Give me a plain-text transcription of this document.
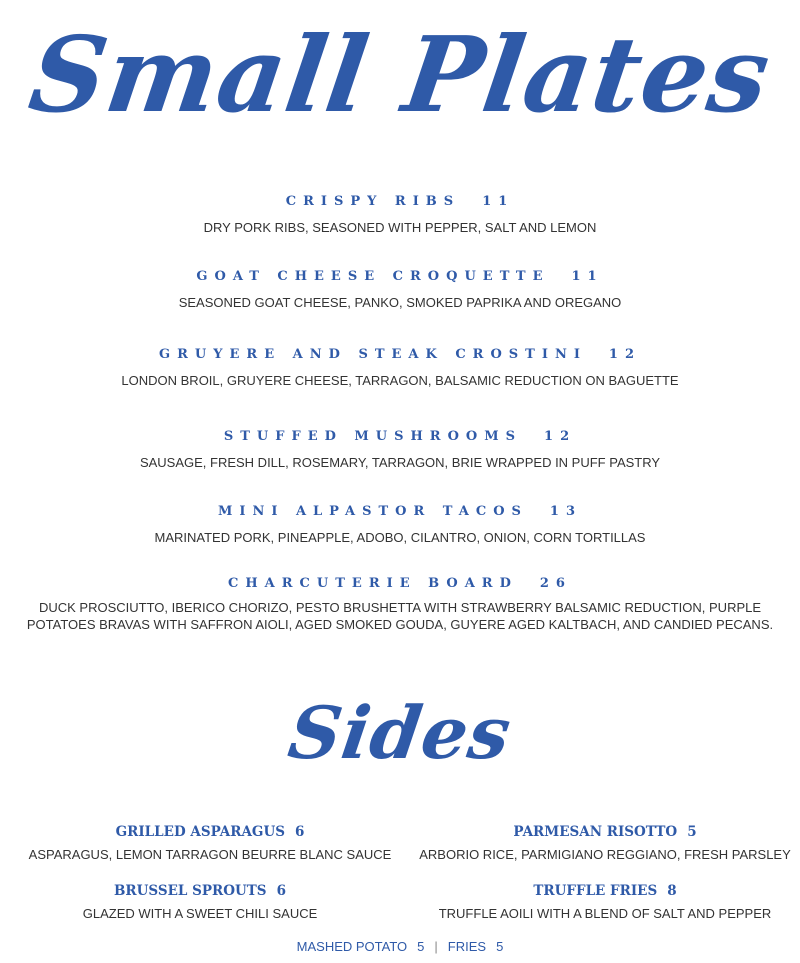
Small Plates
CRISPY RIBS 11
DRY PORK RIBS, SEASONED WITH PEPPER, SALT AND LEMON
GOAT CHEESE CROQUETTE 11
SEASONED GOAT CHEESE, PANKO, SMOKED PAPRIKA AND OREGANO
GRUYERE AND STEAK CROSTINI 12
LONDON BROIL, GRUYERE CHEESE, TARRAGON, BALSAMIC REDUCTION ON BAGUETTE
STUFFED MUSHROOMS 12
SAUSAGE, FRESH DILL, ROSEMARY, TARRAGON, BRIE WRAPPED IN PUFF PASTRY
MINI ALPASTOR TACOS 13
MARINATED PORK, PINEAPPLE, ADOBO, CILANTRO, ONION, CORN TORTILLAS
CHARCUTERIE BOARD 26
DUCK PROSCIUTTO, IBERICO CHORIZO, PESTO BRUSHETTA WITH STRAWBERRY BALSAMIC REDUCTION, PURPLE POTATOES BRAVAS WITH SAFFRON AIOLI, AGED SMOKED GOUDA, GUYERE AGED KALTBACH, AND CANDIED PECANS.
Sides
GRILLED ASPARAGUS 6
ASPARAGUS, LEMON TARRAGON BEURRE BLANC SAUCE
PARMESAN RISOTTO 5
ARBORIO RICE, PARMIGIANO REGGIANO, FRESH PARSLEY
BRUSSEL SPROUTS 6
GLAZED WITH A SWEET CHILI SAUCE
TRUFFLE FRIES 8
TRUFFLE AOILI WITH A BLEND OF SALT AND PEPPER
MASHED POTATO 5 | FRIES 5
